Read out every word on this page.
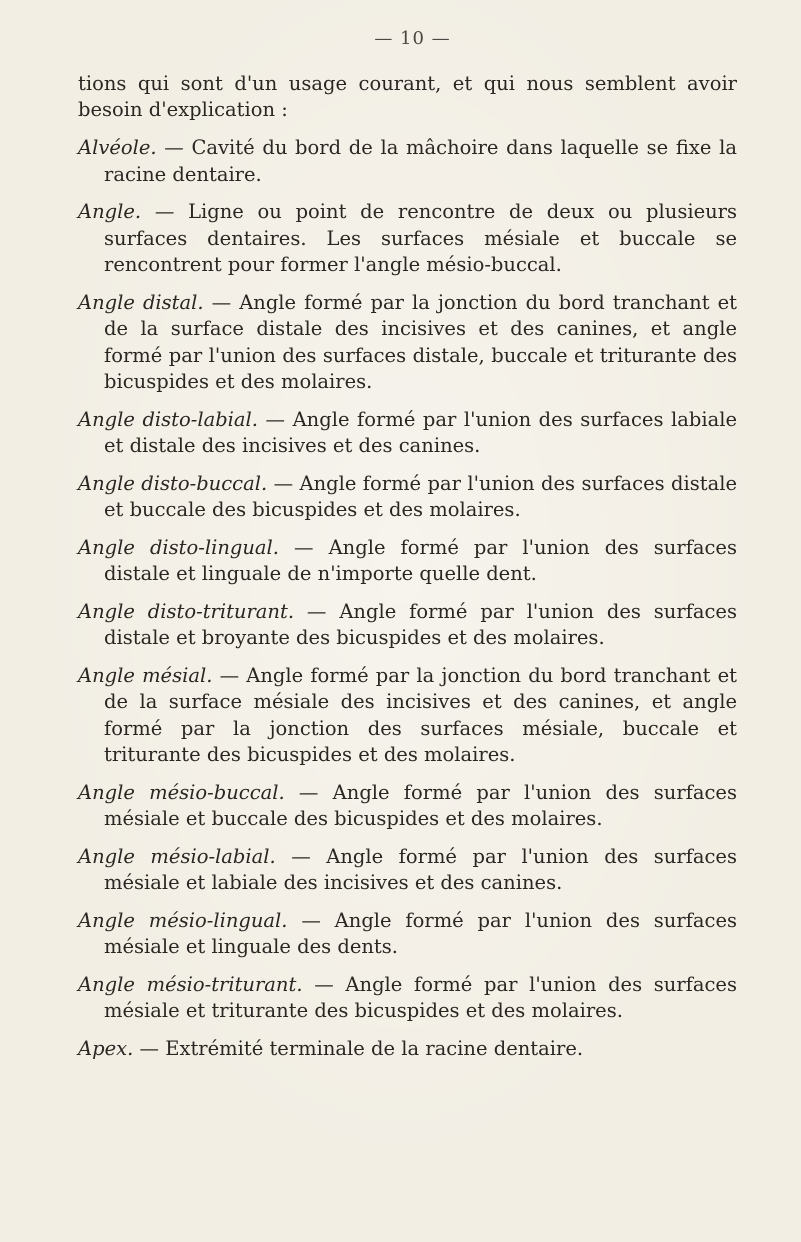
— 10 —

tions qui sont d'un usage courant, et qui nous semblent avoir besoin d'explication :

Alvéole. — Cavité du bord de la mâchoire dans laquelle se fixe la racine dentaire.

Angle. — Ligne ou point de rencontre de deux ou plusieurs surfaces dentaires. Les surfaces mésiale et buccale se rencontrent pour former l'angle mésio-buccal.

Angle distal. — Angle formé par la jonction du bord tranchant et de la surface distale des incisives et des canines, et angle formé par l'union des surfaces distale, buccale et triturante des bicuspides et des molaires.

Angle disto-labial. — Angle formé par l'union des surfaces labiale et distale des incisives et des canines.

Angle disto-buccal. — Angle formé par l'union des surfaces distale et buccale des bicuspides et des molaires.

Angle disto-lingual. — Angle formé par l'union des surfaces distale et linguale de n'importe quelle dent.

Angle disto-triturant. — Angle formé par l'union des surfaces distale et broyante des bicuspides et des molaires.

Angle mésial. — Angle formé par la jonction du bord tranchant et de la surface mésiale des incisives et des canines, et angle formé par la jonction des surfaces mésiale, buccale et triturante des bicuspides et des molaires.

Angle mésio-buccal. — Angle formé par l'union des surfaces mésiale et buccale des bicuspides et des molaires.

Angle mésio-labial. — Angle formé par l'union des surfaces mésiale et labiale des incisives et des canines.

Angle mésio-lingual. — Angle formé par l'union des surfaces mésiale et linguale des dents.

Angle mésio-triturant. — Angle formé par l'union des surfaces mésiale et triturante des bicuspides et des molaires.

Apex. — Extrémité terminale de la racine dentaire.
